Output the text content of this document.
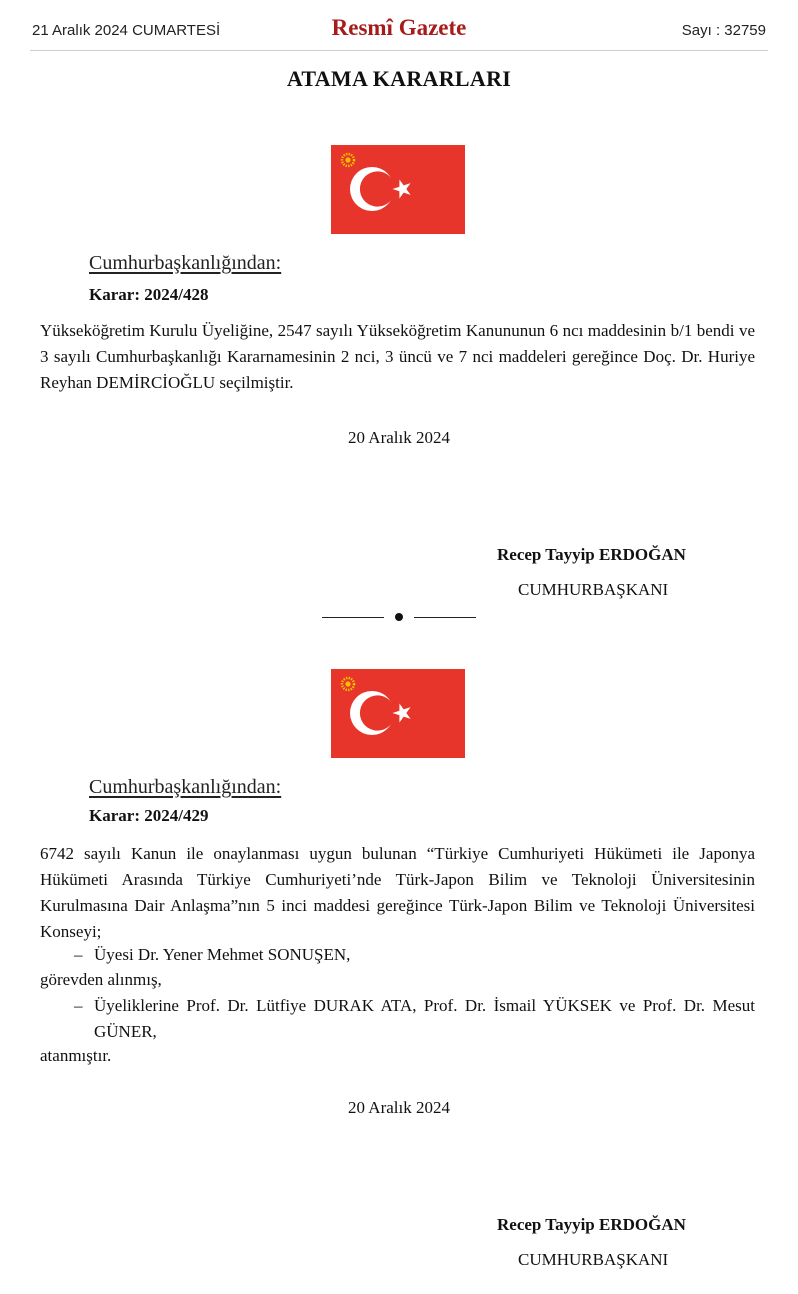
21 Aralık 2024 CUMARTESİ	Resmî Gazete	Sayı : 32759
ATAMA KARARLARI
Cumhurbaşkanlığından:
Karar: 2024/428

Yükseköğretim Kurulu Üyeliğine, 2547 sayılı Yükseköğretim Kanununun 6 ncı maddesinin b/1 bendi ve 3 sayılı Cumhurbaşkanlığı Kararnamesinin 2 nci, 3 üncü ve 7 nci maddeleri gereğince Doç. Dr. Huriye Reyhan DEMİRCİOĞLU seçilmiştir.

20 Aralık 2024
Recep Tayyip ERDOĞAN
CUMHURBAŞKANI
Cumhurbaşkanlığından:
Karar: 2024/429

6742 sayılı Kanun ile onaylanması uygun bulunan “Türkiye Cumhuriyeti Hükümeti ile Japonya Hükümeti Arasında Türkiye Cumhuriyeti’nde Türk-Japon Bilim ve Teknoloji Üniversitesinin Kurulmasına Dair Anlaşma”nın 5 inci maddesi gereğince Türk-Japon Bilim ve Teknoloji Üniversitesi Konseyi;

– Üyesi Dr. Yener Mehmet SONUŞEN,
görevden alınmış,
– Üyeliklerine Prof. Dr. Lütfiye DURAK ATA, Prof. Dr. İsmail YÜKSEK ve Prof. Dr. Mesut GÜNER,
atanmıştır.
20 Aralık 2024
Recep Tayyip ERDOĞAN
CUMHURBAŞKANI
